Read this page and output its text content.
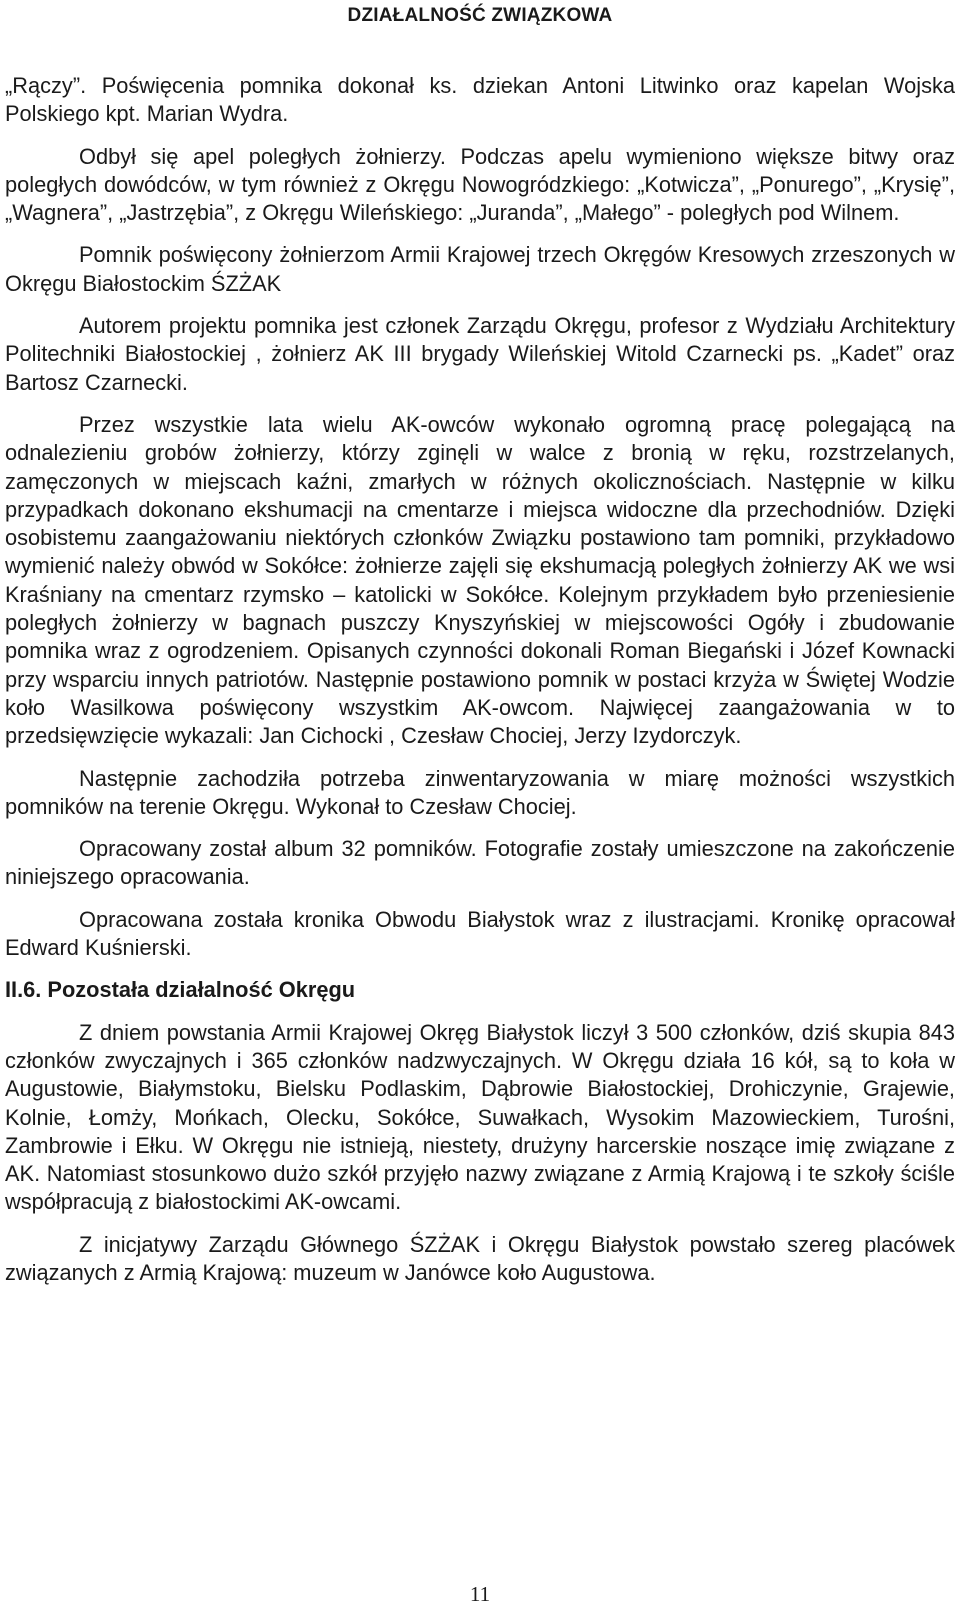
DZIAŁALNOŚĆ ZWIĄZKOWA

„Rączy”. Poświęcenia pomnika dokonał ks. dziekan Antoni Litwinko oraz kapelan Wojska Polskiego kpt. Marian Wydra.

Odbył się apel poległych żołnierzy. Podczas apelu wymieniono większe bitwy oraz poległych dowódców, w tym również z Okręgu Nowogródzkiego: „Kotwicza”, „Ponurego”, „Krysię”, „Wagnera”, „Jastrzębia”, z Okręgu Wileńskiego: „Juranda”, „Małego” - poległych pod Wilnem.

Pomnik poświęcony żołnierzom Armii Krajowej trzech Okręgów Kresowych zrzeszonych w Okręgu Białostockim ŚZŻAK

Autorem projektu pomnika jest członek Zarządu Okręgu, profesor z Wydziału Architektury Politechniki Białostockiej , żołnierz AK III brygady Wileńskiej Witold Czarnecki ps. „Kadet” oraz Bartosz Czarnecki.

Przez wszystkie lata wielu AK-owców wykonało ogromną pracę polegającą na odnalezieniu grobów żołnierzy, którzy zginęli w walce z bronią w ręku, rozstrzelanych, zamęczonych w miejscach kaźni, zmarłych w różnych okolicznościach. Następnie w kilku przypadkach dokonano ekshumacji na cmentarze i miejsca widoczne dla przechodniów. Dzięki osobistemu zaangażowaniu niektórych członków Związku postawiono tam pomniki, przykładowo wymienić należy obwód w Sokółce: żołnierze zajęli się ekshumacją poległych żołnierzy AK we wsi Kraśniany na cmentarz rzymsko – katolicki w Sokółce. Kolejnym przykładem było przeniesienie poległych żołnierzy w bagnach puszczy Knyszyńskiej w miejscowości Ogóły i zbudowanie pomnika wraz z ogrodzeniem. Opisanych czynności dokonali Roman Biegański i Józef Kownacki przy wsparciu innych patriotów. Następnie postawiono pomnik w postaci krzyża w Świętej Wodzie koło Wasilkowa poświęcony wszystkim AK-owcom. Najwięcej zaangażowania w to przedsięwzięcie wykazali: Jan Cichocki , Czesław Chociej, Jerzy Izydorczyk.

Następnie zachodziła potrzeba zinwentaryzowania w miarę możności wszystkich pomników na terenie Okręgu. Wykonał to Czesław Chociej.

Opracowany został album 32 pomników. Fotografie zostały umieszczone na zakończenie niniejszego opracowania.

Opracowana została kronika Obwodu Białystok wraz z ilustracjami. Kronikę opracował Edward Kuśnierski.

II.6. Pozostała działalność Okręgu

Z dniem powstania Armii Krajowej Okręg Białystok liczył 3 500 członków, dziś skupia 843 członków zwyczajnych i 365 członków nadzwyczajnych. W Okręgu działa 16 kół, są to koła w Augustowie, Białymstoku, Bielsku Podlaskim, Dąbrowie Białostockiej, Drohiczynie, Grajewie, Kolnie, Łomży, Mońkach, Olecku, Sokółce, Suwałkach, Wysokim Mazowieckiem, Turośni, Zambrowie i Ełku. W Okręgu nie istnieją, niestety, drużyny harcerskie noszące imię związane z AK. Natomiast stosunkowo dużo szkół przyjęło nazwy związane z Armią Krajową i te szkoły ściśle współpracują z białostockimi AK-owcami.

Z inicjatywy Zarządu Głównego ŚZŻAK i Okręgu Białystok powstało szereg placówek związanych z Armią Krajową: muzeum w Janówce koło Augustowa.

11
